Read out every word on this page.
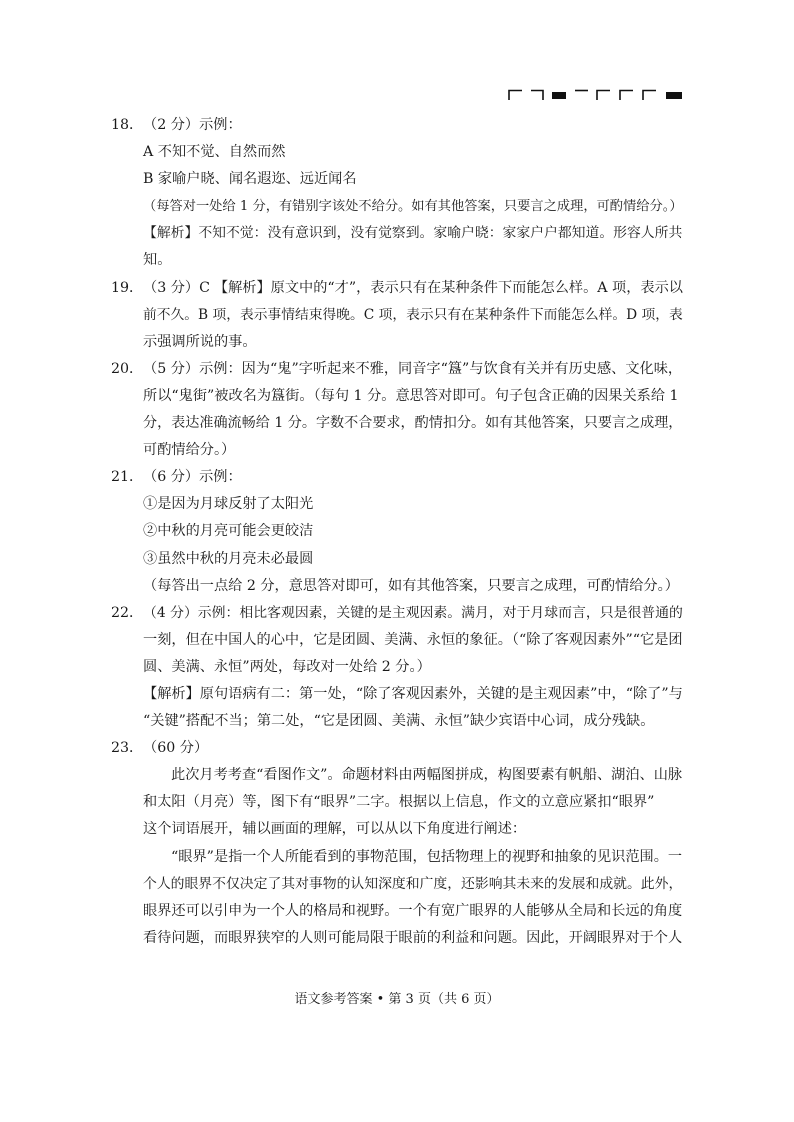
18． （2 分）示例：
A 不知不觉、自然而然
B 家喻户晓、闻名遐迩、远近闻名
（每答对一处给 1 分，有错别字该处不给分。如有其他答案，只要言之成理，可酌情给分。）
【解析】不知不觉：没有意识到，没有觉察到。家喻户晓：家家户户都知道。形容人所共
知。
19． （3 分）C 【解析】 原文中的“才”，表示只有在某种条件下而能怎么样。A 项，表示以
前不久。B 项，表示事情结束得晚。C 项，表示只有在某种条件下而能怎么样。D 项，表
示强调所说的事。
20． （5 分）示例：因为“鬼”字听起来不雅，同音字“簋”与饮食有关并有历史感、文化味，
所以“鬼街”被改名为簋街。（每句 1 分。意思答对即可。句子包含正确的因果关系给 1
分，表达准确流畅给 1 分。字数不合要求，酌情扣分。如有其他答案，只要言之成理，
可酌情给分。）
21． （6 分）示例：
①是因为月球反射了太阳光
②中秋的月亮可能会更皎洁
③虽然中秋的月亮未必最圆
（每答出一点给 2 分，意思答对即可，如有其他答案，只要言之成理，可酌情给分。）
22． （4 分）示例：相比客观因素，关键的是主观因素。满月，对于月球而言，只是很普通的
一刻，但在中国人的心中，它是团圆、美满、永恒的象征。（“除了客观因素外”“它是团
圆、美满、永恒”两处，每改对一处给 2 分。）
【解析】原句语病有二：第一处，“除了客观因素外，关键的是主观因素”中，“除了”与
“关键”搭配不当；第二处，“它是团圆、美满、永恒”缺少宾语中心词，成分残缺。
23． （60 分）
此次月考考查“看图作文”。命题材料由两幅图拼成，构图要素有帆船、湖泊、山脉
和太阳（月亮）等，图下有“眼界”二字。根据以上信息，作文的立意应紧扣“眼界”
这个词语展开，辅以画面的理解，可以从以下角度进行阐述：
“眼界”是指一个人所能看到的事物范围，包括物理上的视野和抽象的见识范围。一
个人的眼界不仅决定了其对事物的认知深度和广度，还影响其未来的发展和成就。此外，
眼界还可以引申为一个人的格局和视野。一个有宽广眼界的人能够从全局和长远的角度
看待问题，而眼界狭窄的人则可能局限于眼前的利益和问题。因此，开阔眼界对于个人
语文参考答案 • 第 3 页（共 6 页）
